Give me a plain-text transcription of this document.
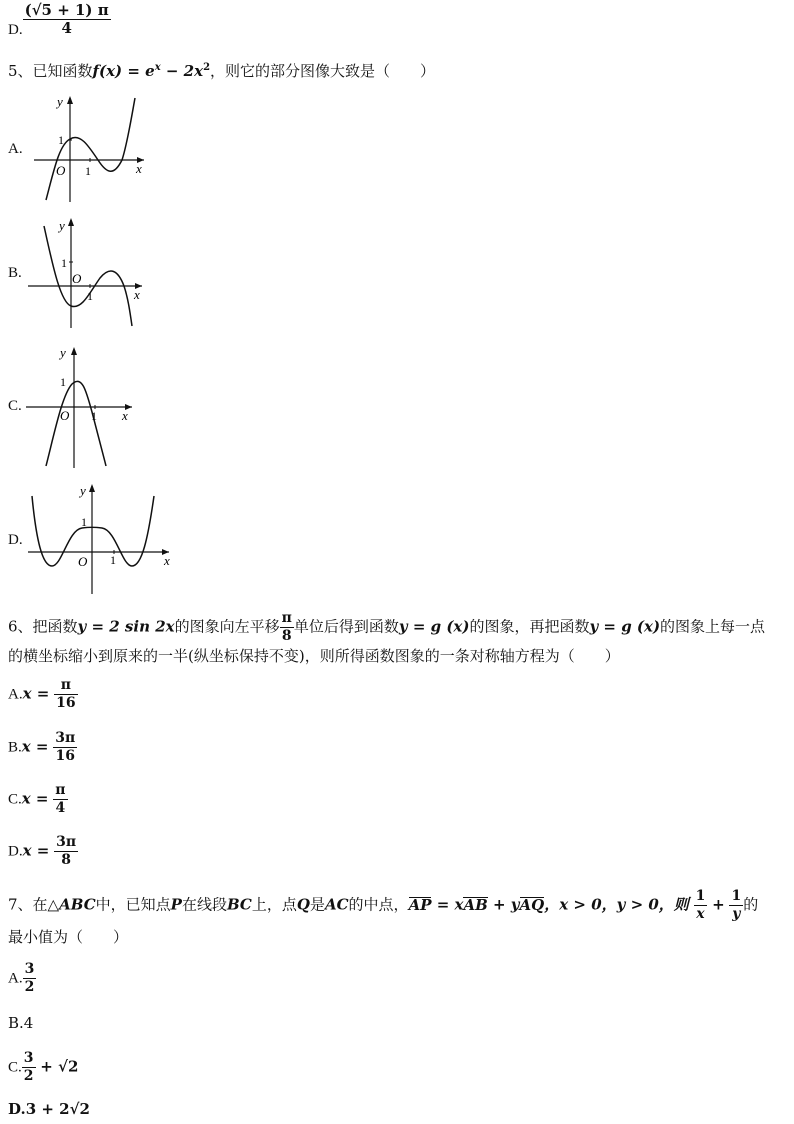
D. $\frac{(√5 + 1) \pi}{4}$
5、已知函数$f(x) = e^x - 2x^2$，则它的部分图像大致是（　　）
A.
y
x
O 1
1
B.
y
x
O
1
1
C.
y
x
O 1
1
D.
y
x
O 1
1
6、把函数y = 2 sin 2x的图象向左平移 $\frac{\pi}{8}$ 单位后得到函数y = g (x)的图象，再把函数y = g (x)的图象上每一点
的横坐标缩小到原来的一半(纵坐标保持不变)，则所得函数图象的一条对称轴方程为（　　）
$A.x = \frac{\pi}{16}$
$B.x = \frac{3\pi}{16}$
$C.x = \frac{\pi}{4}$
$D.x = \frac{3\pi}{8}$
7、在△ABC中，已知点P在线段BC上，点Q是AC的中点，AP = xAB + yAQ，x > 0，y > 0，则 $\frac{1}{x} + \frac{1}{y}$ 的
最小值为（　　）
A. $\frac{3}{2}$
B.4
C. $\frac{3}{2} + √2$
D.3 + 2√2
